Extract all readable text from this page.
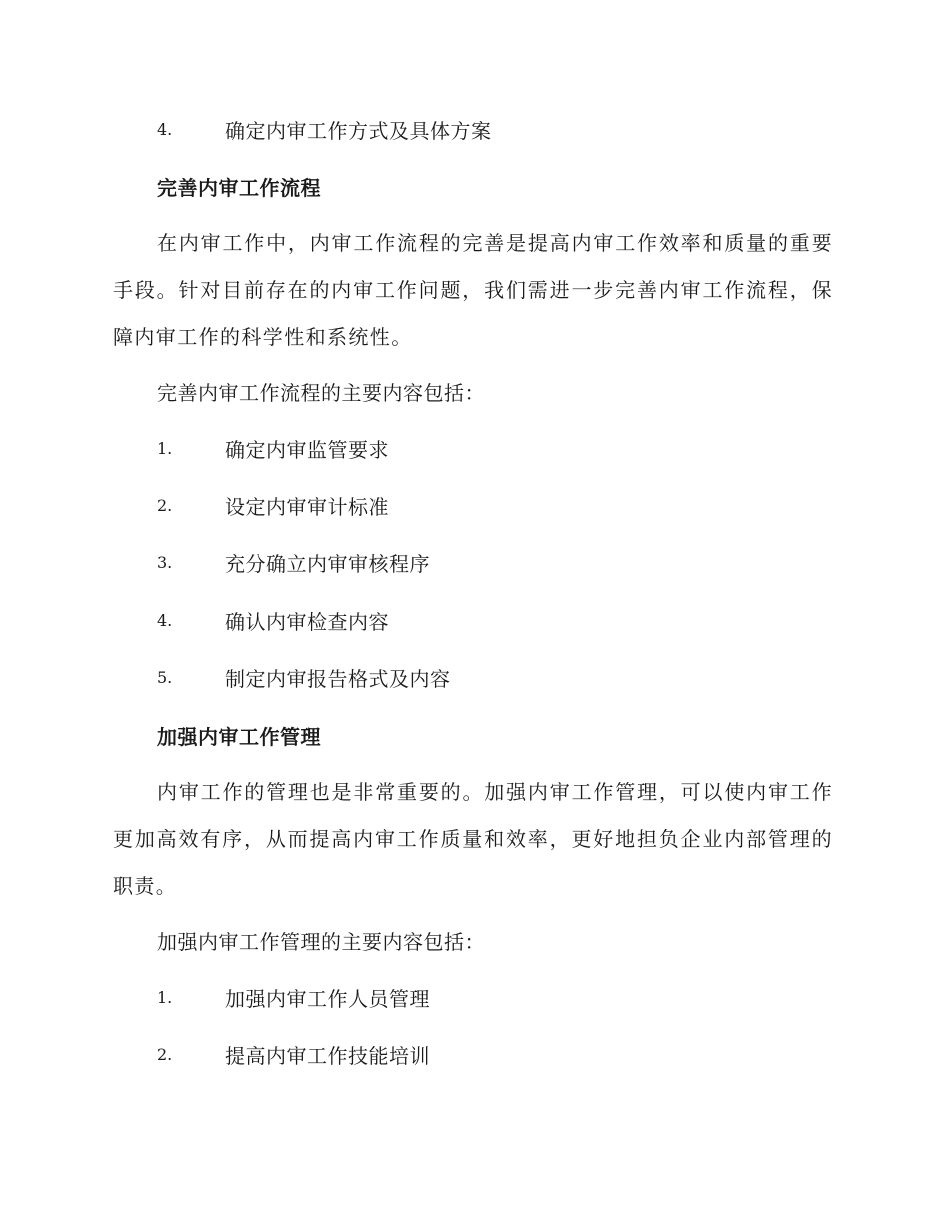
4.	确定内审工作方式及具体方案
完善内审工作流程
在内审工作中，内审工作流程的完善是提高内审工作效率和质量的重要手段。针对目前存在的内审工作问题，我们需进一步完善内审工作流程，保障内审工作的科学性和系统性。
完善内审工作流程的主要内容包括：
1.	确定内审监管要求
2.	设定内审审计标准
3.	充分确立内审审核程序
4.	确认内审检查内容
5.	制定内审报告格式及内容
加强内审工作管理
内审工作的管理也是非常重要的。加强内审工作管理，可以使内审工作更加高效有序，从而提高内审工作质量和效率，更好地担负企业内部管理的职责。
加强内审工作管理的主要内容包括：
1.	加强内审工作人员管理
2.	提高内审工作技能培训
